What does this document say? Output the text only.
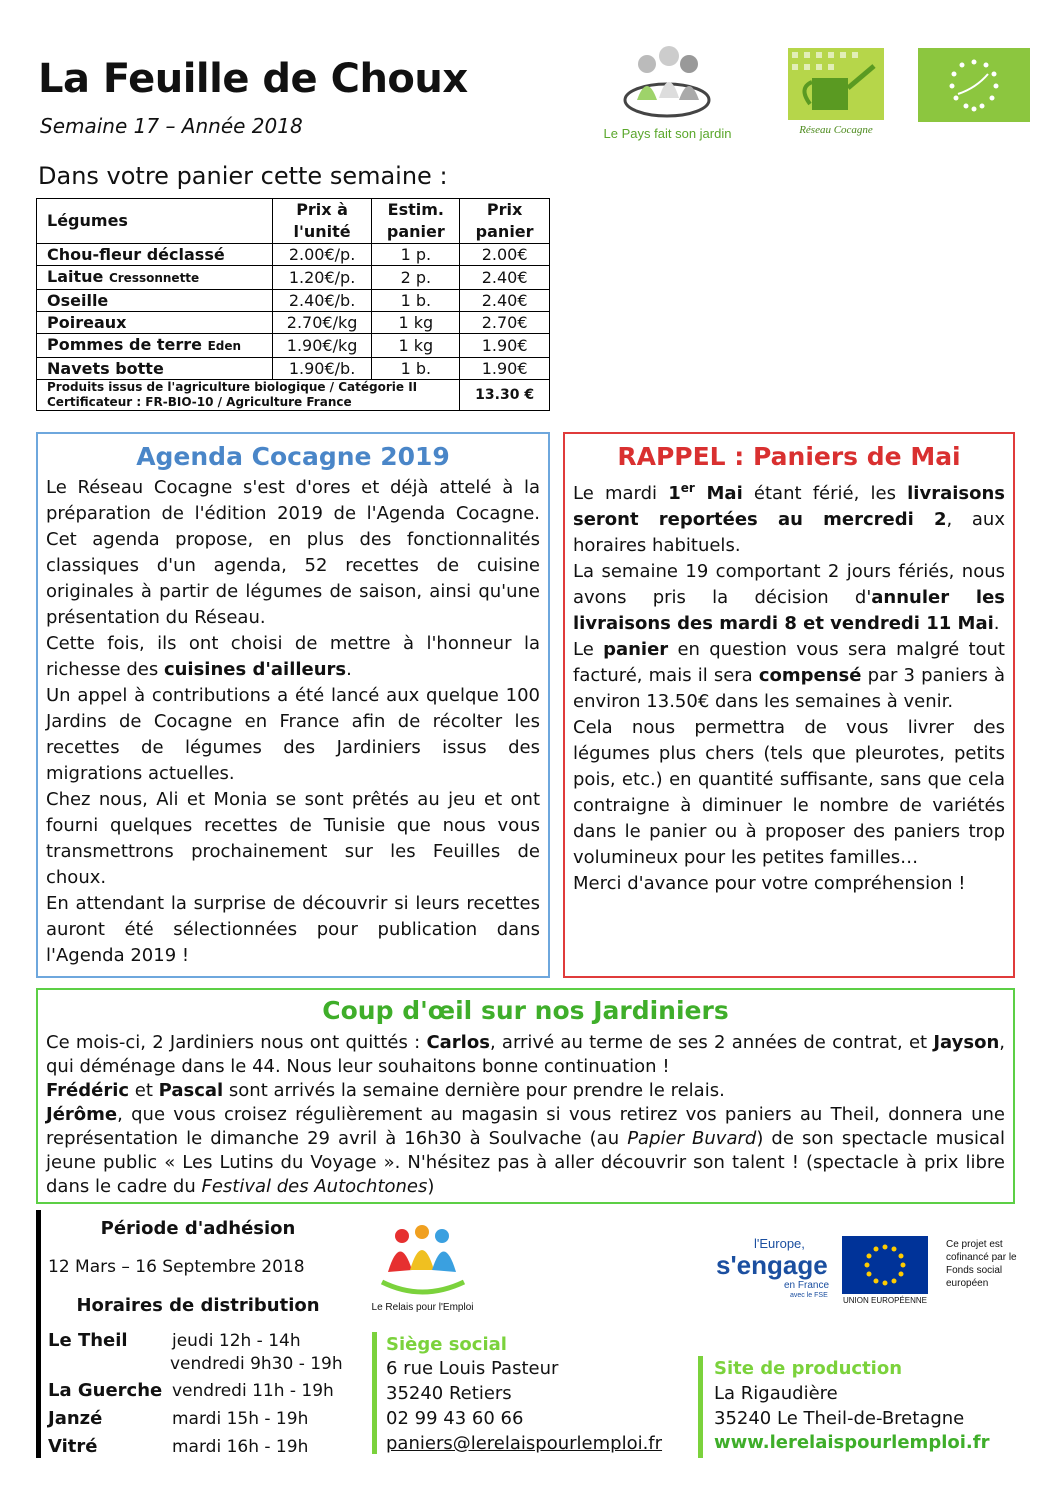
La Feuille de Choux
Semaine 17 – Année 2018
Dans votre panier cette semaine :
Le Pays fait son jardin	Réseau Cocagne
Légumes	Prix à l'unité	Estim. panier	Prix panier
Chou-fleur déclassé	2.00€/p.	1 p.	2.00€
Laitue Cressonnette	1.20€/p.	2 p.	2.40€
Oseille	2.40€/b.	1 b.	2.40€
Poireaux	2.70€/kg	1 kg	2.70€
Pommes de terre Eden	1.90€/kg	1 kg	1.90€
Navets botte	1.90€/b.	1 b.	1.90€

Produits issus de l'agriculture biologique / Catégorie II
Certificateur : FR-BIO-10 / Agriculture France			13.30 €
Agenda Cocagne 2019

Le Réseau Cocagne s'est d'ores et déjà attelé à la préparation de l'édition 2019 de l'Agenda Cocagne. Cet agenda propose, en plus des fonctionnalités classiques d'un agenda, 52 recettes de cuisine originales à partir de légumes de saison, ainsi qu'une présentation du Réseau.

Cette fois, ils ont choisi de mettre à l'honneur la richesse des cuisines d'ailleurs.

Un appel à contributions a été lancé aux quelque 100 Jardins de Cocagne en France afin de récolter les recettes de légumes des Jardiniers issus des migrations actuelles.

Chez nous, Ali et Monia se sont prêtés au jeu et ont fourni quelques recettes de Tunisie que nous vous transmettrons prochainement sur les Feuilles de choux.

En attendant la surprise de découvrir si leurs recettes auront été sélectionnées pour publication dans l'Agenda 2019 !

RAPPEL : Paniers de Mai

Le mardi 1er Mai étant férié, les livraisons seront reportées au mercredi 2, aux horaires habituels.

La semaine 19 comportant 2 jours fériés, nous avons pris la décision d'annuler les livraisons des mardi 8 et vendredi 11 Mai.

Le panier en question vous sera malgré tout facturé, mais il sera compensé par 3 paniers à environ 13.50€ dans les semaines à venir.

Cela nous permettra de vous livrer des légumes plus chers (tels que pleurotes, petits pois, etc.) en quantité suffisante, sans que cela contraigne à diminuer le nombre de variétés dans le panier ou à proposer des paniers trop volumineux pour les petites familles…

Merci d'avance pour votre compréhension !

Coup d'œil sur nos Jardiniers

Ce mois-ci, 2 Jardiniers nous ont quittés : Carlos, arrivé au terme de ses 2 années de contrat, et Jayson, qui déménage dans le 44. Nous leur souhaitons bonne continuation !

Frédéric et Pascal sont arrivés la semaine dernière pour prendre le relais.

Jérôme, que vous croisez régulièrement au magasin si vous retirez vos paniers au Theil, donnera une représentation le dimanche 29 avril à 16h30 à Soulvache (au Papier Buvard) de son spectacle musical jeune public « Les Lutins du Voyage ». N'hésitez pas à aller découvrir son talent ! (spectacle à prix libre dans le cadre du Festival des Autochtones)

Période d'adhésion
12 Mars – 16 Septembre 2018
Horaires de distribution
Le Theil	jeudi 12h - 14h
vendredi 9h30 - 19h
La Guerche vendredi 11h - 19h
Janzé	mardi 15h - 19h
Vitré	mardi 16h - 19h
Le Relais pour l'Emploi
Siège social
6 rue Louis Pasteur
35240 Retiers
02 99 43 60 66
paniers@lerelaispourlemploi.fr
l'Europe,
s'engage
en France
avec le FSE
UNION EUROPÉENNE
Ce projet est cofinancé par le Fonds social européen
Site de production
La Rigaudière
35240 Le Theil-de-Bretagne
www.lerelaispourlemploi.fr
